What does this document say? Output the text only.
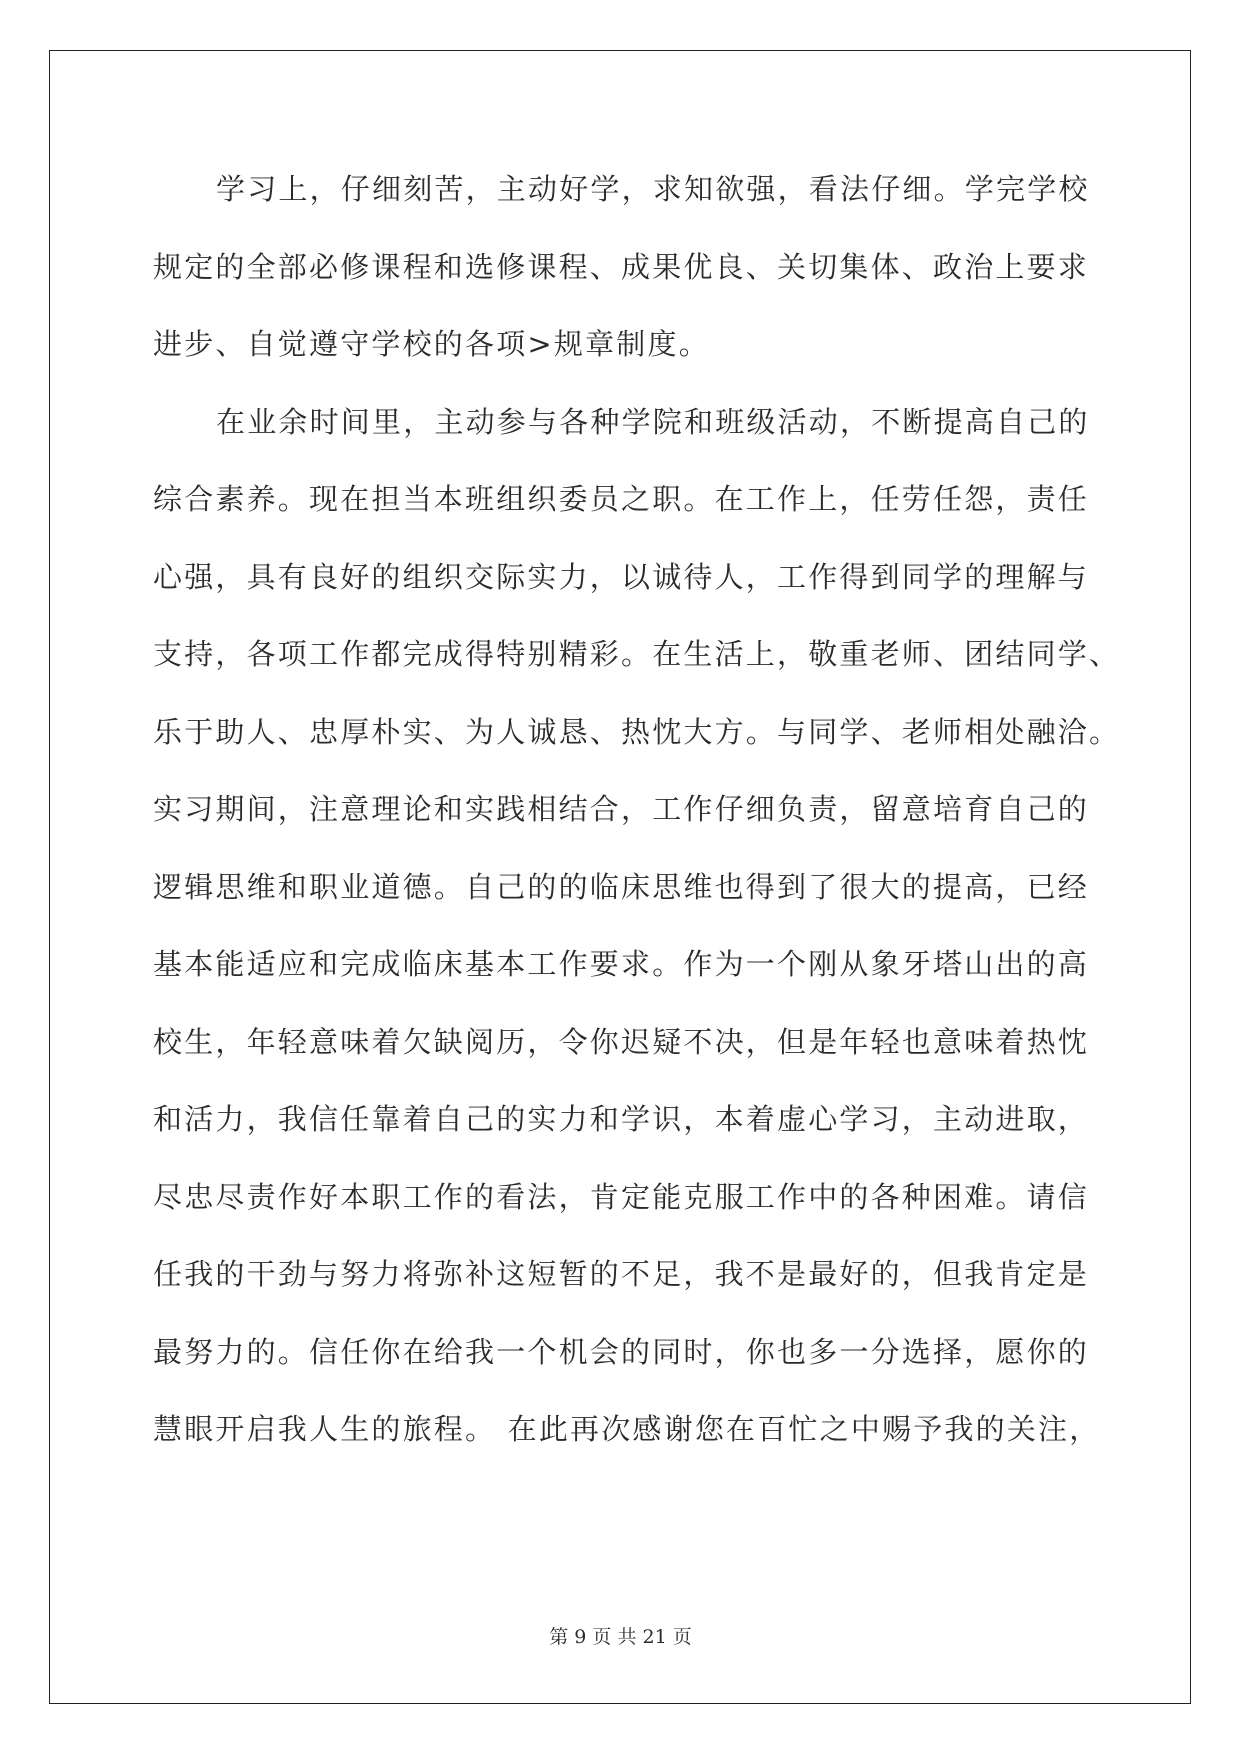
学习上，仔细刻苦，主动好学，求知欲强，看法仔细。学完学校
规定的全部必修课程和选修课程、成果优良、关切集体、政治上要求
进步、自觉遵守学校的各项>规章制度。
在业余时间里，主动参与各种学院和班级活动，不断提高自己的
综合素养。现在担当本班组织委员之职。在工作上，任劳任怨，责任
心强，具有良好的组织交际实力，以诚待人，工作得到同学的理解与
支持，各项工作都完成得特别精彩。在生活上，敬重老师、团结同学、
乐于助人、忠厚朴实、为人诚恳、热忱大方。与同学、老师相处融洽。
实习期间，注意理论和实践相结合，工作仔细负责，留意培育自己的
逻辑思维和职业道德。自己的的临床思维也得到了很大的提高，已经
基本能适应和完成临床基本工作要求。作为一个刚从象牙塔山出的高
校生，年轻意味着欠缺阅历，令你迟疑不决，但是年轻也意味着热忱
和活力，我信任靠着自己的实力和学识，本着虚心学习，主动进取，
尽忠尽责作好本职工作的看法，肯定能克服工作中的各种困难。请信
任我的干劲与努力将弥补这短暂的不足，我不是最好的，但我肯定是
最努力的。信任你在给我一个机会的同时，你也多一分选择，愿你的
慧眼开启我人生的旅程。 在此再次感谢您在百忙之中赐予我的关注，
第 9 页 共 21 页
